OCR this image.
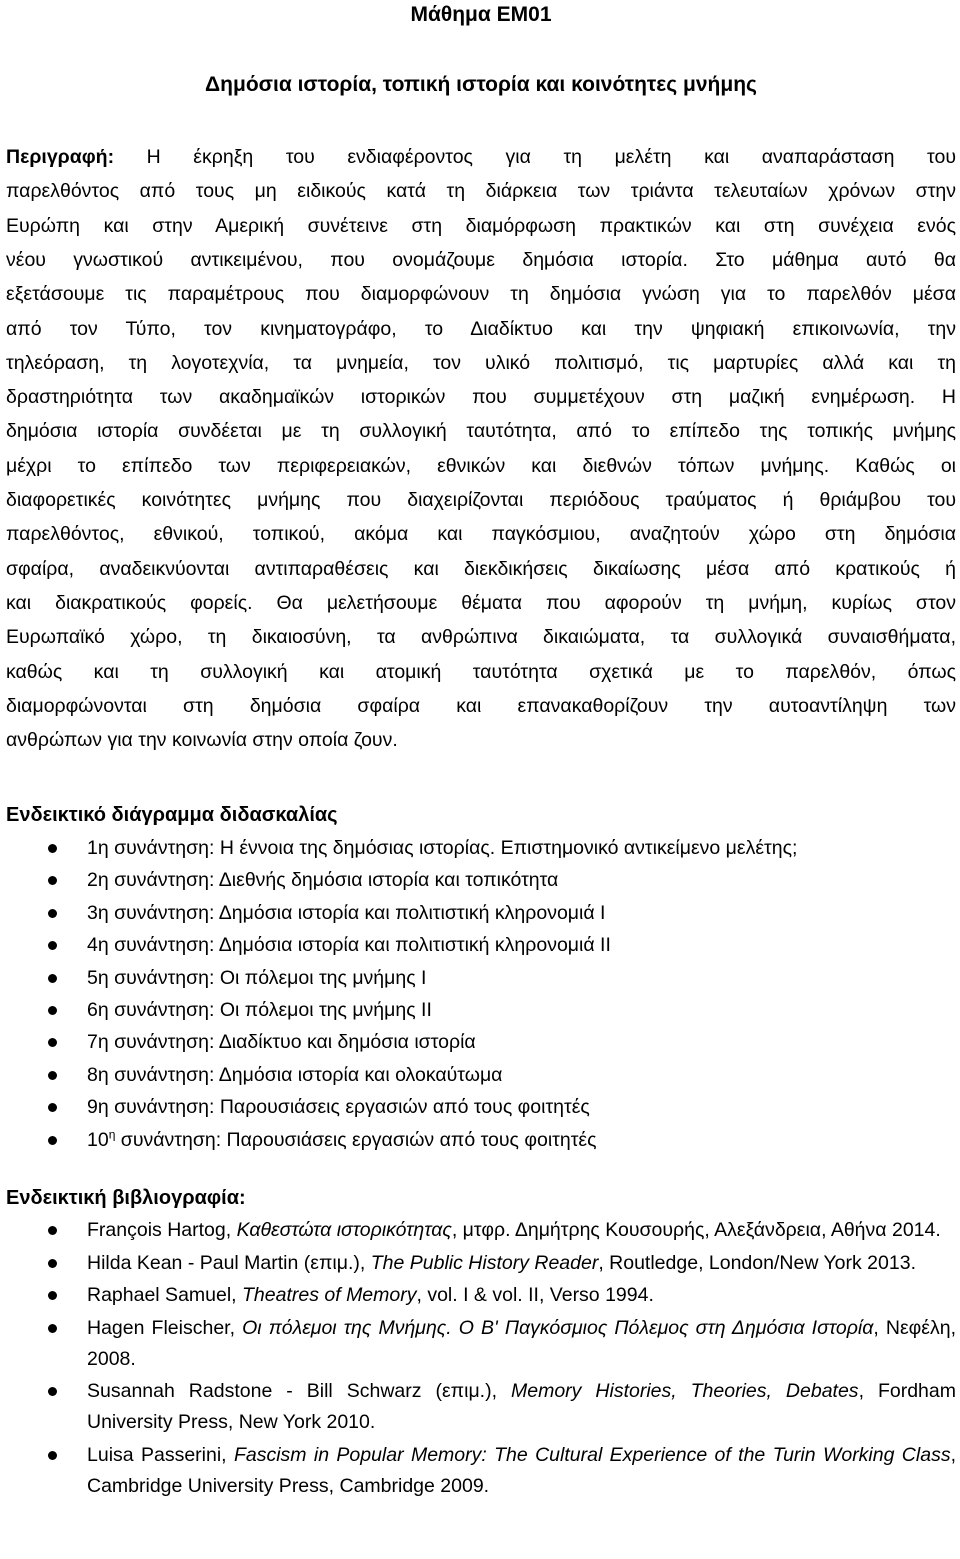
Μάθημα ΕΜ01
Δημόσια ιστορία, τοπική ιστορία και κοινότητες μνήμης
Περιγραφή: Η έκρηξη του ενδιαφέροντος για τη μελέτη και αναπαράσταση του
παρελθόντος από τους μη ειδικούς κατά τη διάρκεια των τριάντα τελευταίων χρόνων στην
Ευρώπη και στην Αμερική συνέτεινε στη διαμόρφωση πρακτικών και στη συνέχεια ενός
νέου γνωστικού αντικειμένου, που ονομάζουμε δημόσια ιστορία. Στο μάθημα αυτό θα
εξετάσουμε τις παραμέτρους που διαμορφώνουν τη δημόσια γνώση για το παρελθόν μέσα
από τον Τύπο, τον κινηματογράφο, το Διαδίκτυο και την ψηφιακή επικοινωνία, την
τηλεόραση, τη λογοτεχνία, τα μνημεία, τον υλικό πολιτισμό, τις μαρτυρίες αλλά και τη
δραστηριότητα των ακαδημαϊκών ιστορικών που συμμετέχουν στη μαζική ενημέρωση. Η
δημόσια ιστορία συνδέεται με τη συλλογική ταυτότητα, από το επίπεδο της τοπικής μνήμης
μέχρι το επίπεδο των περιφερειακών, εθνικών και διεθνών τόπων μνήμης. Καθώς οι
διαφορετικές κοινότητες μνήμης που διαχειρίζονται περιόδους τραύματος ή θριάμβου του
παρελθόντος, εθνικού, τοπικού, ακόμα και παγκόσμιου, αναζητούν χώρο στη δημόσια
σφαίρα, αναδεικνύονται αντιπαραθέσεις και διεκδικήσεις δικαίωσης μέσα από κρατικούς ή
και διακρατικούς φορείς. Θα μελετήσουμε θέματα που αφορούν τη μνήμη, κυρίως στον
Ευρωπαϊκό χώρο, τη δικαιοσύνη, τα ανθρώπινα δικαιώματα, τα συλλογικά συναισθήματα,
καθώς και τη συλλογική και ατομική ταυτότητα σχετικά με το παρελθόν, όπως
διαμορφώνονται στη δημόσια σφαίρα και επανακαθορίζουν την αυτοαντίληψη των
ανθρώπων για την κοινωνία στην οποία ζουν.
Ενδεικτικό διάγραμμα διδασκαλίας
1η συνάντηση: Η έννοια της δημόσιας ιστορίας. Επιστημονικό αντικείμενο μελέτης;
2η συνάντηση: Διεθνής δημόσια ιστορία και τοπικότητα
3η συνάντηση: Δημόσια ιστορία και πολιτιστική κληρονομιά Ι
4η συνάντηση: Δημόσια ιστορία και πολιτιστική κληρονομιά ΙΙ
5η συνάντηση: Οι πόλεμοι της μνήμης Ι
6η συνάντηση: Οι πόλεμοι της μνήμης ΙΙ
7η συνάντηση: Διαδίκτυο και δημόσια ιστορία
8η συνάντηση: Δημόσια ιστορία και ολοκαύτωμα
9η συνάντηση: Παρουσιάσεις εργασιών από τους φοιτητές
$10^\eta$ συνάντηση: Παρουσιάσεις εργασιών από τους φοιτητές
Ενδεικτική βιβλιογραφία:
François Hartog, Καθεστώτα ιστορικότητας, μτφρ. Δημήτρης Κουσουρής, Αλεξάνδρεια, Αθήνα 2014.
Hilda Kean - Paul Martin (επιμ.), The Public History Reader, Routledge, London/New York 2013.
Raphael Samuel, Theatres of Memory, vol. I & vol. II, Verso 1994.
Hagen Fleischer, Οι πόλεμοι της Μνήμης. Ο Β' Παγκόσμιος Πόλεμος στη Δημόσια Ιστορία, Νεφέλη, 2008.
Susannah Radstone - Bill Schwarz (επιμ.), Memory Histories, Theories, Debates, Fordham University Press, New York 2010.
Luisa Passerini, Fascism in Popular Memory: The Cultural Experience of the Turin Working Class, Cambridge University Press, Cambridge 2009.
